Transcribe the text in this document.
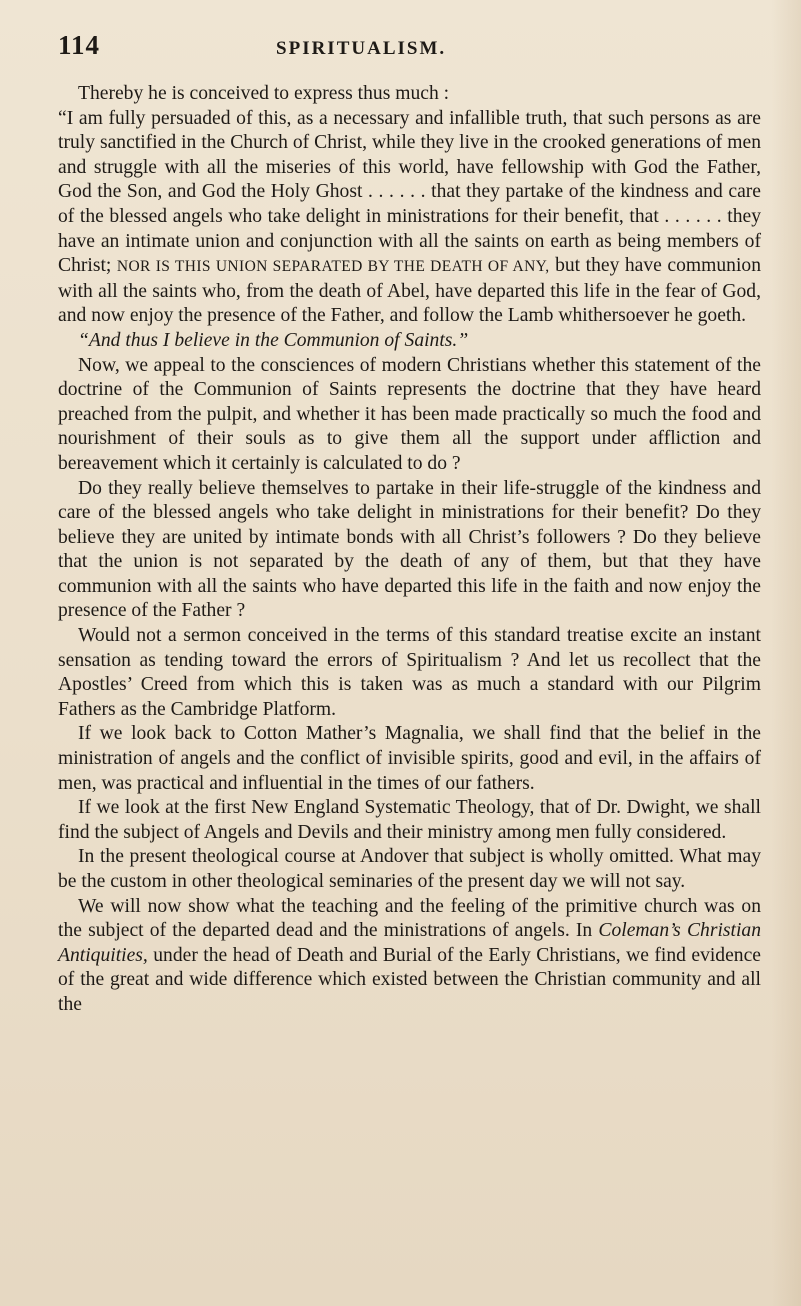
114	SPIRITUALISM.

Thereby he is conceived to express thus much :

“I am fully persuaded of this, as a necessary and infallible truth, that such persons as are truly sanctified in the Church of Christ, while they live in the crooked generations of men and struggle with all the miseries of this world, have fellowship with God the Father, God the Son, and God the Holy Ghost . . . . . . that they partake of the kindness and care of the blessed angels who take delight in ministrations for their benefit, that . . . . . . they have an intimate union and conjunction with all the saints on earth as being members of Christ; NOR IS THIS UNION SEPARATED BY THE DEATH OF ANY, but they have communion with all the saints who, from the death of Abel, have departed this life in the fear of God, and now enjoy the presence of the Father, and follow the Lamb whithersoever he goeth.

“And thus I believe in the Communion of Saints.”

Now, we appeal to the consciences of modern Christians whether this statement of the doctrine of the Communion of Saints represents the doctrine that they have heard preached from the pulpit, and whether it has been made practically so much the food and nourishment of their souls as to give them all the support under affliction and bereavement which it certainly is calculated to do ?

Do they really believe themselves to partake in their life-struggle of the kindness and care of the blessed angels who take delight in ministrations for their benefit? Do they believe they are united by intimate bonds with all Christ’s followers ? Do they believe that the union is not separated by the death of any of them, but that they have communion with all the saints who have departed this life in the faith and now enjoy the presence of the Father ?

Would not a sermon conceived in the terms of this standard treatise excite an instant sensation as tending toward the errors of Spiritualism ? And let us recollect that the Apostles’ Creed from which this is taken was as much a standard with our Pilgrim Fathers as the Cambridge Platform.

If we look back to Cotton Mather’s Magnalia, we shall find that the belief in the ministration of angels and the conflict of invisible spirits, good and evil, in the affairs of men, was practical and influential in the times of our fathers.

If we look at the first New England Systematic Theology, that of Dr. Dwight, we shall find the subject of Angels and Devils and their ministry among men fully considered.

In the present theological course at Andover that subject is wholly omitted. What may be the custom in other theological seminaries of the present day we will not say.

We will now show what the teaching and the feeling of the primitive church was on the subject of the departed dead and the ministrations of angels. In Coleman’s Christian Antiquities, under the head of Death and Burial of the Early Christians, we find evidence of the great and wide difference which existed between the Christian community and all the
